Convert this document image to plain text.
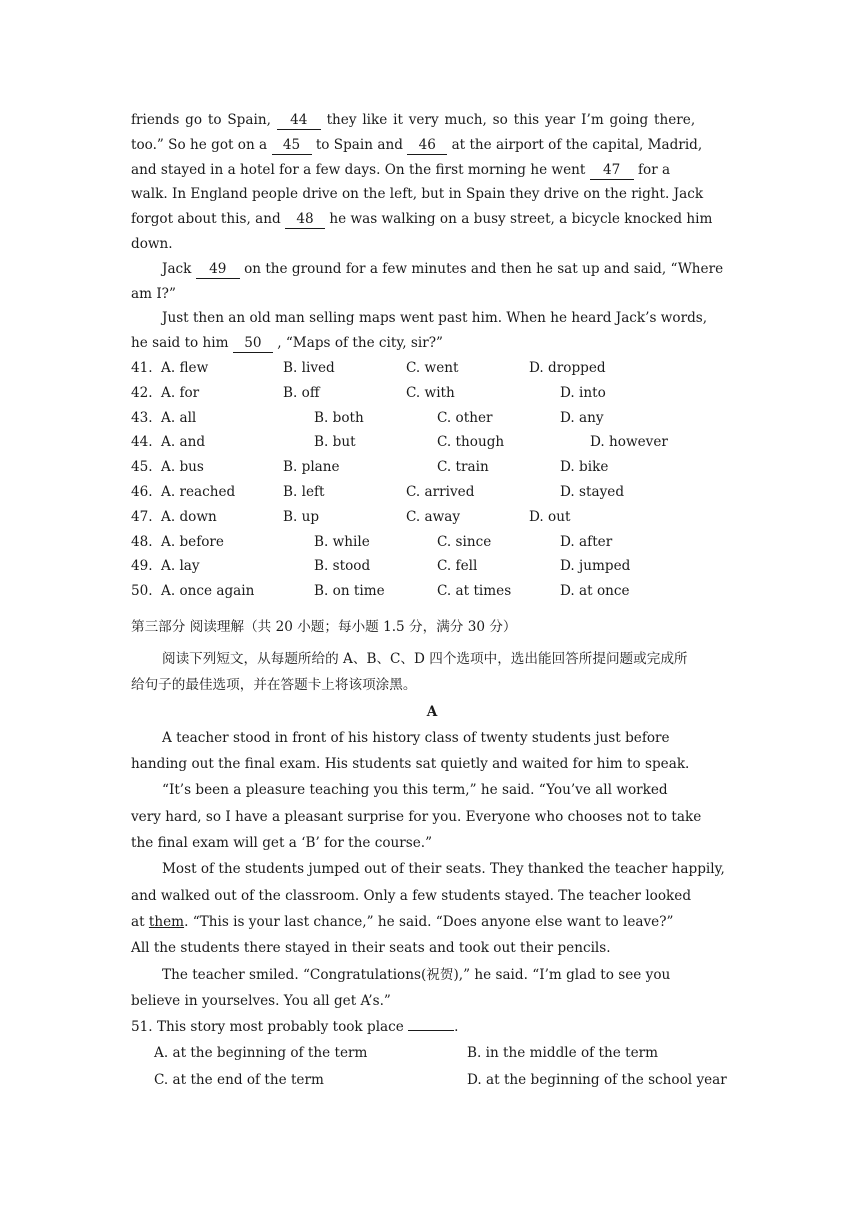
friends go to Spain, 44 they like it very much, so this year I’m going there,
too.” So he got on a 45 to Spain and 46 at the airport of the capital, Madrid,
and stayed in a hotel for a few days. On the first morning he went 47 for a
walk. In England people drive on the left, but in Spain they drive on the right. Jack
forgot about this, and 48 he was walking on a busy street, a bicycle knocked him
down.
Jack 49 on the ground for a few minutes and then he sat up and said, “Where
am I?”
Just then an old man selling maps went past him. When he heard Jack’s words,
he said to him 50 , “Maps of the city, sir?”
41. A. flew	B. lived	C. went	D. dropped
42. A. for	B. off	C. with	D. into
43. A. all	B. both	C. other	D. any
44. A. and	B. but	C. though	D. however
45. A. bus	B. plane	C. train	D. bike
46. A. reached	B. left	C. arrived	D. stayed
47. A. down	B. up	C. away	D. out
48. A. before	B. while	C. since	D. after
49. A. lay	B. stood	C. fell	D. jumped
50. A. once again	B. on time	C. at times	D. at once
第三部分 阅读理解（共 20 小题；每小题 1.5 分，满分 30 分）
阅读下列短文，从每题所给的 A、B、C、D 四个选项中，选出能回答所提问题或完成所
给句子的最佳选项，并在答题卡上将该项涂黑。
A
A teacher stood in front of his history class of twenty students just before
handing out the final exam. His students sat quietly and waited for him to speak.
“It’s been a pleasure teaching you this term,” he said. “You’ve all worked
very hard, so I have a pleasant surprise for you. Everyone who chooses not to take
the final exam will get a ‘B’ for the course.”
Most of the students jumped out of their seats. They thanked the teacher happily,
and walked out of the classroom. Only a few students stayed. The teacher looked
at them. “This is your last chance,” he said. “Does anyone else want to leave?”
All the students there stayed in their seats and took out their pencils.
The teacher smiled. “Congratulations(祝贺),” he said. “I’m glad to see you
believe in yourselves. You all get A’s.”
51. This story most probably took place	.
A. at the beginning of the term	B. in the middle of the term
C. at the end of the term	D. at the beginning of the school year
